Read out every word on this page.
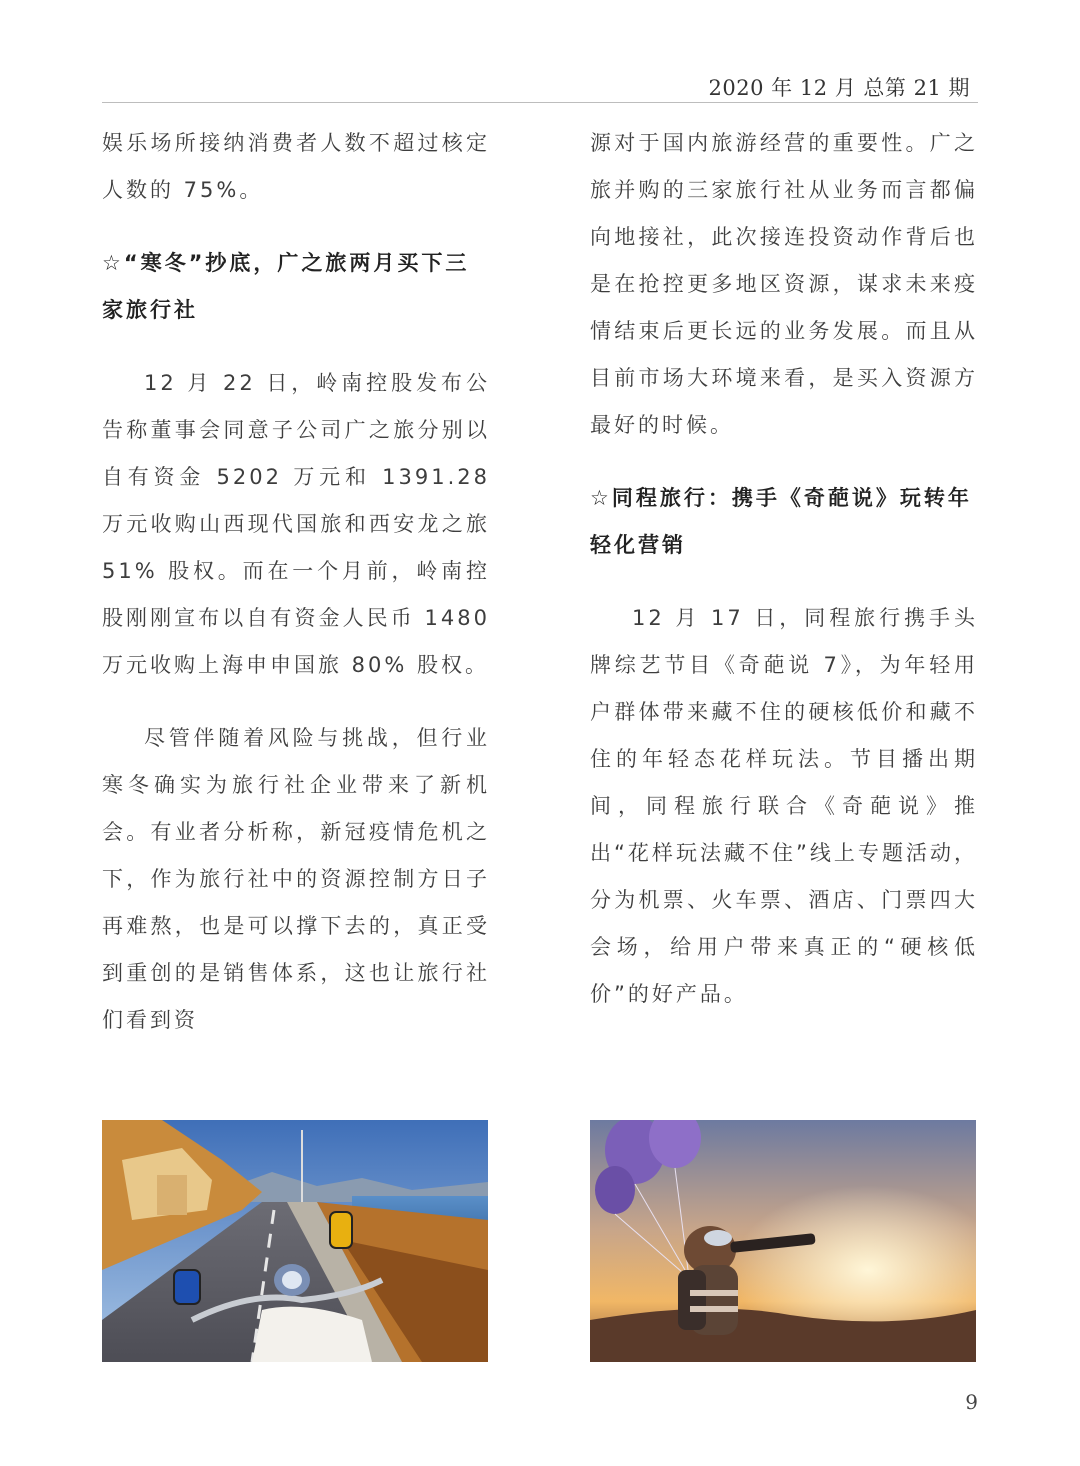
2020 年 12 月 总第 21 期

娱乐场所接纳消费者人数不超过核定人数的 75%。

☆“寒冬”抄底，广之旅两月买下三家旅行社

12 月 22 日，岭南控股发布公告称董事会同意子公司广之旅分别以自有资金 5202 万元和 1391.28 万元收购山西现代国旅和西安龙之旅 51% 股权。而在一个月前，岭南控股刚刚宣布以自有资金人民币 1480 万元收购上海申申国旅 80% 股权。

尽管伴随着风险与挑战，但行业寒冬确实为旅行社企业带来了新机会。有业者分析称，新冠疫情危机之下，作为旅行社中的资源控制方日子再难熬，也是可以撑下去的，真正受到重创的是销售体系，这也让旅行社们看到资

源对于国内旅游经营的重要性。广之旅并购的三家旅行社从业务而言都偏向地接社，此次接连投资动作背后也是在抢控更多地区资源，谋求未来疫情结束后更长远的业务发展。而且从目前市场大环境来看，是买入资源方最好的时候。

☆同程旅行：携手《奇葩说》玩转年轻化营销

12 月 17 日，同程旅行携手头牌综艺节目《奇葩说 7》，为年轻用户群体带来藏不住的硬核低价和藏不住的年轻态花样玩法。节目播出期间，同程旅行联合《奇葩说》推出“花样玩法藏不住”线上专题活动，分为机票、火车票、酒店、门票四大会场，给用户带来真正的“硬核低价”的好产品。

9
